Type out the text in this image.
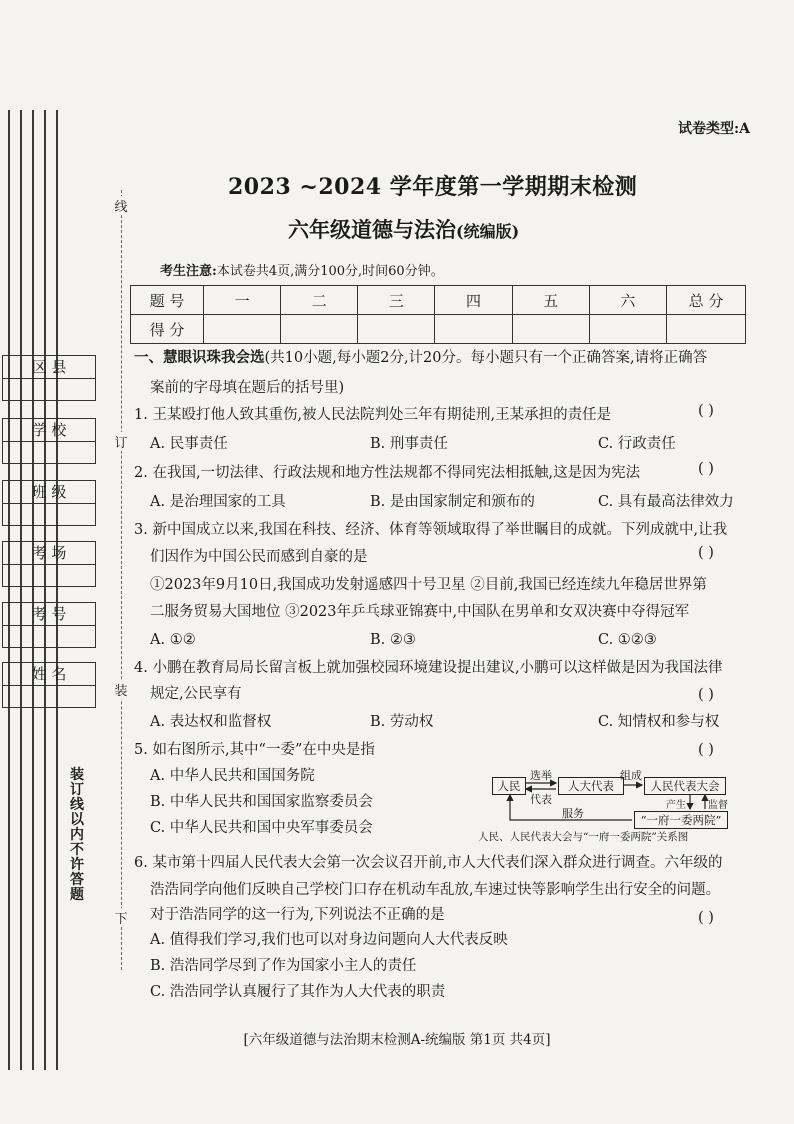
区 县
学 校
班 级
考 场
考 号
姓 名
线
订
装
下
装订线以内不许答题
试卷类型:A
2023 ~2024 学年度第一学期期末检测
六年级道德与法治(统编版)
考生注意:本试卷共4页,满分100分,时间60分钟。
题 号	一	二	三	四	五	六	总 分
得 分							
一、慧眼识珠我会选(共10小题,每小题2分,计20分。每小题只有一个正确答案,请将正确答
案前的字母填在题后的括号里)
1. 王某殴打他人致其重伤,被人民法院判处三年有期徒刑,王某承担的责任是	( )
A. 民事责任	B. 刑事责任	C. 行政责任
2. 在我国,一切法律、行政法规和地方性法规都不得同宪法相抵触,这是因为宪法	( )
A. 是治理国家的工具	B. 是由国家制定和颁布的	C. 具有最高法律效力
3. 新中国成立以来,我国在科技、经济、体育等领域取得了举世瞩目的成就。下列成就中,让我
们因作为中国公民而感到自豪的是	( )
①2023年9月10日,我国成功发射遥感四十号卫星 ②目前,我国已经连续九年稳居世界第
二服务贸易大国地位 ③2023年乒乓球亚锦赛中,中国队在男单和女双决赛中夺得冠军
A. ①②	B. ②③	C. ①②③
4. 小鹏在教育局局长留言板上就加强校园环境建设提出建议,小鹏可以这样做是因为我国法律
规定,公民享有	( )
A. 表达权和监督权	B. 劳动权	C. 知情权和参与权
5. 如右图所示,其中“一委”在中央是指	( )
A. 中华人民共和国国务院
B. 中华人民共和国国家监察委员会
C. 中华人民共和国中央军事委员会
人民	人大代表	人民代表大会
“一府一委两院”
选举
代表
组成
产生 监督
服务
人民、人民代表大会与“一府一委两院”关系图
6. 某市第十四届人民代表大会第一次会议召开前,市人大代表们深入群众进行调查。六年级的
浩浩同学向他们反映自己学校门口存在机动车乱放,车速过快等影响学生出行安全的问题。
对于浩浩同学的这一行为,下列说法不正确的是	( )
A. 值得我们学习,我们也可以对身边问题向人大代表反映
B. 浩浩同学尽到了作为国家小主人的责任
C. 浩浩同学认真履行了其作为人大代表的职责
[六年级道德与法治期末检测A-统编版 第1页 共4页]
